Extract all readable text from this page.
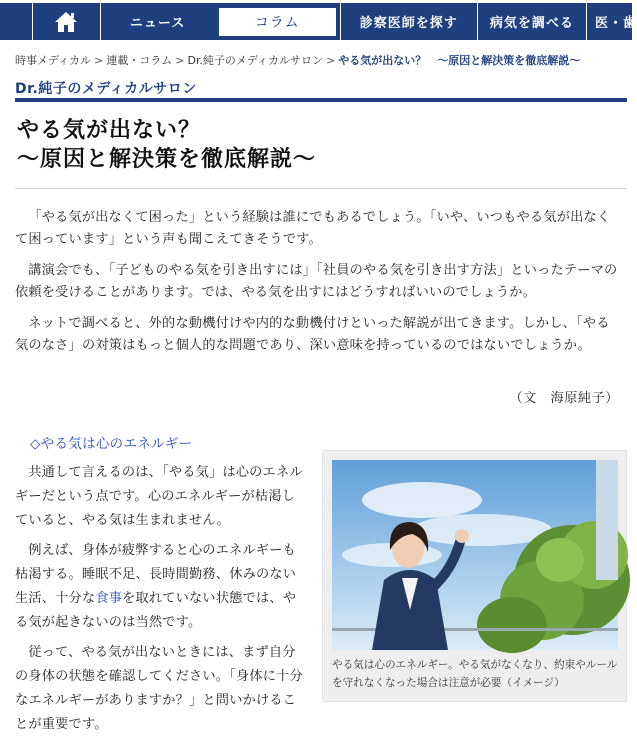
ニュース	コラム	診察医師を探す	病気を調べる	医・歯
時事メディカル > 連載・コラム > Dr.純子のメディカルサロン > やる気が出ない？　〜原因と解決策を徹底解説〜
Dr.純子のメディカルサロン
やる気が出ない？
〜原因と解決策を徹底解説〜

「やる気が出なくて困った」という経験は誰にでもあるでしょう。「いや、いつもやる気が出なくて困っています」という声も聞こえてきそうです。

講演会でも、「子どものやる気を引き出すには」「社員のやる気を引き出す方法」といったテーマの依頼を受けることがあります。では、やる気を出すにはどうすればいいのでしょうか。

ネットで調べると、外的な動機付けや内的な動機付けといった解説が出てきます。しかし、「やる気のなさ」の対策はもっと個人的な問題であり、深い意味を持っているのではないでしょうか。

（文　海原純子）
◇やる気は心のエネルギー

共通して言えるのは、「やる気」は心のエネルギーだという点です。心のエネルギーが枯渇していると、やる気は生まれません。

例えば、身体が疲弊すると心のエネルギーも枯渇する。睡眠不足、長時間勤務、休みのない生活、十分な食事を取れていない状態では、やる気が起きないのは当然です。

従って、やる気が出ないときには、まず自分の身体の状態を確認してください。「身体に十分なエネルギーがありますか？」と問いかけることが重要です。

やる気は心のエネルギー。やる気がなくなり、約束やルールを守れなくなった場合は注意が必要（イメージ）
